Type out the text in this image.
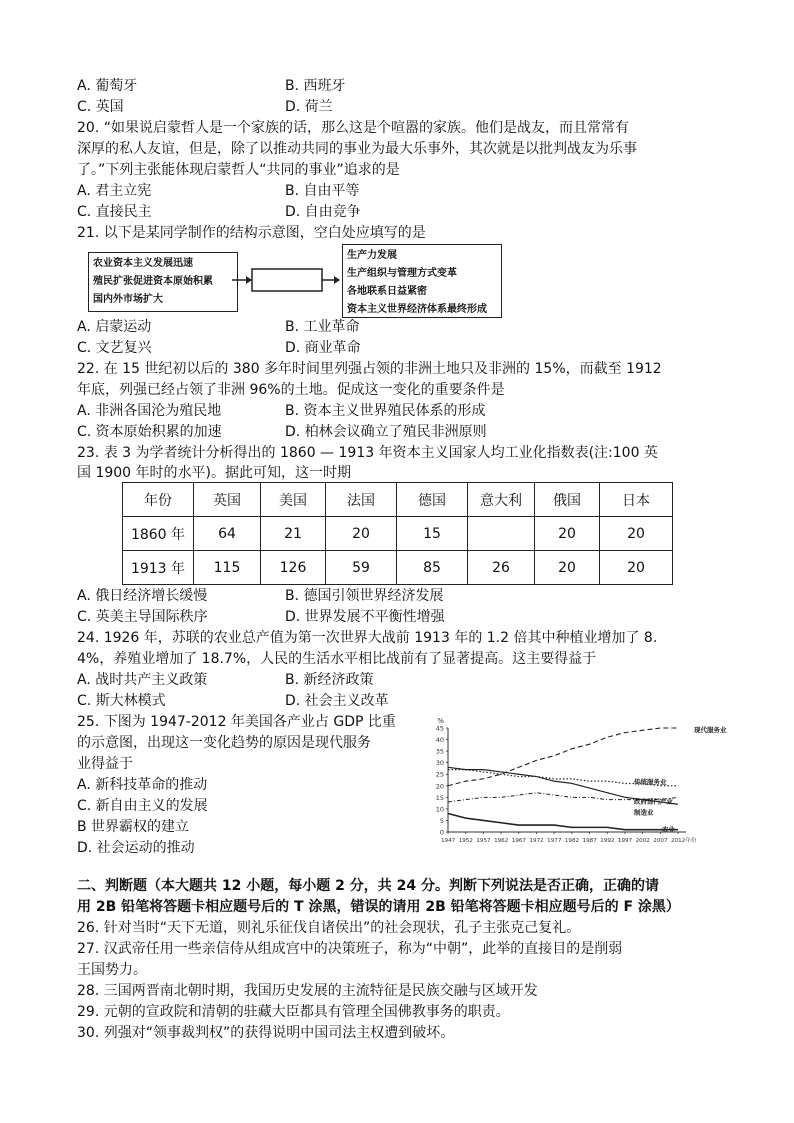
A. 葡萄牙	B. 西班牙
C. 英国	D. 荷兰
20. “如果说启蒙哲人是一个家族的话，那么这是个喧嚣的家族。他们是战友，而且常常有
深厚的私人友谊，但是，除了以推动共同的事业为最大乐事外，其次就是以批判战友为乐事
了。”下列主张能体现启蒙哲人“共同的事业”追求的是
A. 君主立宪	B. 自由平等
C. 直接民主	D. 自由竞争
21. 以下是某同学制作的结构示意图，空白处应填写的是
农业资本主义发展迅速
殖民扩张促进资本原始积累
国内外市场扩大
生产力发展
生产组织与管理方式变革
各地联系日益紧密
资本主义世界经济体系最终形成
A. 启蒙运动	B. 工业革命
C. 文艺复兴	D. 商业革命
22. 在 15 世纪初以后的 380 多年时间里列强占领的非洲土地只及非洲的 15%，而截至 1912
年底，列强已经占领了非洲 96%的土地。促成这一变化的重要条件是
A. 非洲各国沦为殖民地	B. 资本主义世界殖民体系的形成
C. 资本原始积累的加速	D. 柏林会议确立了殖民非洲原则
23. 表 3 为学者统计分析得出的 1860 — 1913 年资本主义国家人均工业化指数表(注:100 英
国 1900 年时的水平)。据此可知，这一时期
年份	英国	美国	法国	德国	意大利	俄国	日本
1860 年	64	21	20	15		20	20
1913 年	115	126	59	85	26	20	20
A. 俄日经济增长缓慢	B. 德国引领世界经济发展
C. 英美主导国际秩序	D. 世界发展不平衡性增强
24. 1926 年，苏联的农业总产值为第一次世界大战前 1913 年的 1.2 倍其中种植业增加了 8.
4%，养殖业增加了 18.7%，人民的生活水平相比战前有了显著提高。这主要得益于
A. 战时共产主义政策	B. 新经济政策
C. 斯大林模式	D. 社会主义改革
25. 下图为 1947-2012 年美国各产业占 GDP 比重
的示意图，出现这一变化趋势的原因是现代服务
业得益于
A. 新科技革命的推动
C. 新自由主义的发展
B 世界霸权的建立
D. 社会运动的推动
%
0
5
10
15
20
25
30
35
40
45
1947 1952 1957 1962 1967 1972 1977 1982 1987 1992 1997 2002 2007 2012年份
现代服务业
传统服务业
政府部门产业
制造业
农业
二、判断题（本大题共 12 小题，每小题 2 分，共 24 分。判断下列说法是否正确，正确的请
用 2B 铅笔将答题卡相应题号后的 T 涂黑，错误的请用 2B 铅笔将答题卡相应题号后的 F 涂黑）
26. 针对当时“天下无道，则礼乐征伐自诸侯出”的社会现状，孔子主张克己复礼。
27. 汉武帝任用一些亲信侍从组成宫中的决策班子，称为“中朝”，此举的直接目的是削弱
王国势力。
28. 三国两晋南北朝时期，我国历史发展的主流特征是民族交融与区域开发
29. 元朝的宣政院和清朝的驻藏大臣都具有管理全国佛教事务的职责。
30. 列强对“领事裁判权”的获得说明中国司法主权遭到破坏。
